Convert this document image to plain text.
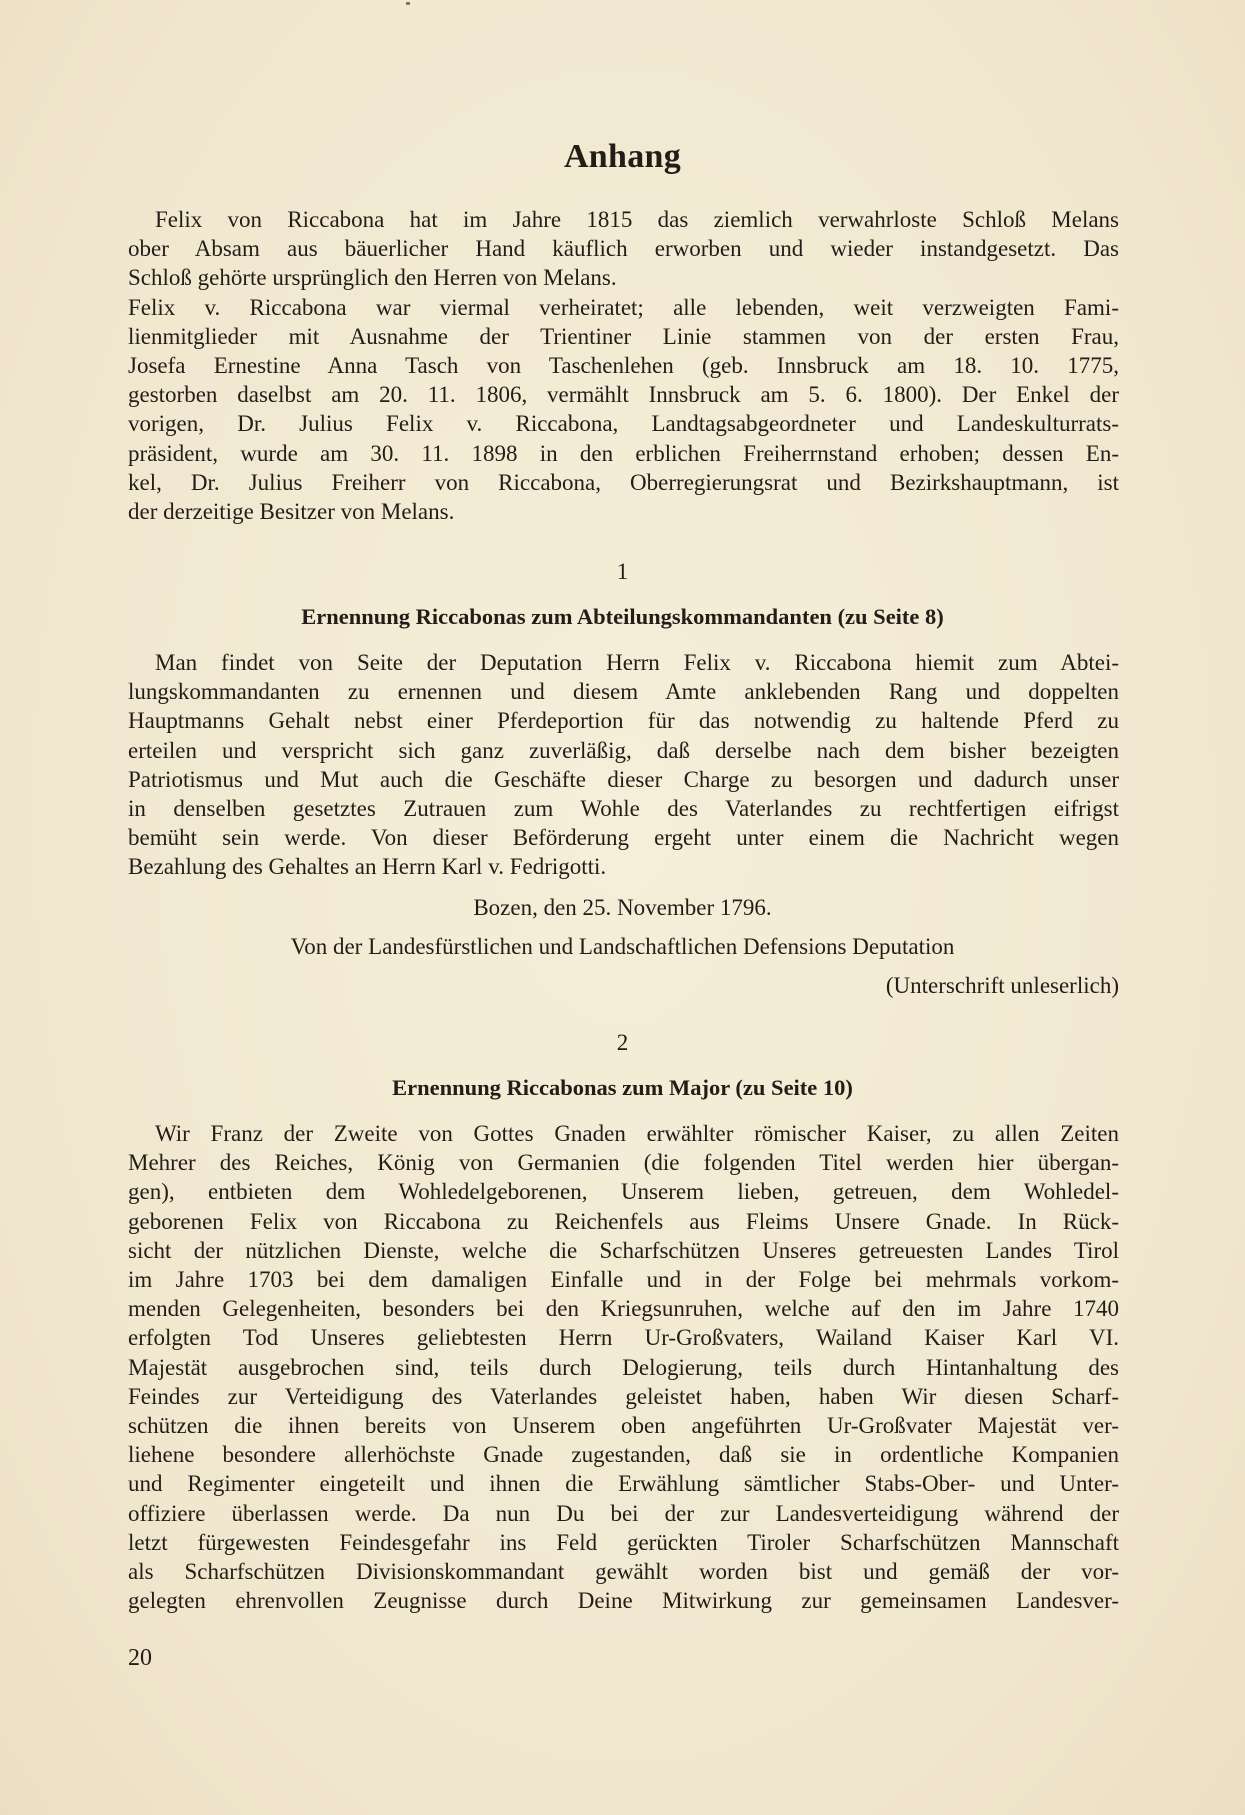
Anhang
Felix von Riccabona hat im Jahre 1815 das ziemlich verwahrloste Schloß Melans
ober Absam aus bäuerlicher Hand käuflich erworben und wieder instandgesetzt. Das
Schloß gehörte ursprünglich den Herren von Melans.
Felix v. Riccabona war viermal verheiratet; alle lebenden, weit verzweigten Fami-
lienmitglieder mit Ausnahme der Trientiner Linie stammen von der ersten Frau,
Josefa Ernestine Anna Tasch von Taschenlehen (geb. Innsbruck am 18. 10. 1775,
gestorben daselbst am 20. 11. 1806, vermählt Innsbruck am 5. 6. 1800). Der Enkel der
vorigen, Dr. Julius Felix v. Riccabona, Landtagsabgeordneter und Landeskulturrats-
präsident, wurde am 30. 11. 1898 in den erblichen Freiherrnstand erhoben; dessen En-
kel, Dr. Julius Freiherr von Riccabona, Oberregierungsrat und Bezirkshauptmann, ist
der derzeitige Besitzer von Melans.

1

Ernennung Riccabonas zum Abteilungskommandanten (zu Seite 8)

Man findet von Seite der Deputation Herrn Felix v. Riccabona hiemit zum Abtei-
lungskommandanten zu ernennen und diesem Amte anklebenden Rang und doppelten
Hauptmanns Gehalt nebst einer Pferdeportion für das notwendig zu haltende Pferd zu
erteilen und verspricht sich ganz zuverläßig, daß derselbe nach dem bisher bezeigten
Patriotismus und Mut auch die Geschäfte dieser Charge zu besorgen und dadurch unser
in denselben gesetztes Zutrauen zum Wohle des Vaterlandes zu rechtfertigen eifrigst
bemüht sein werde. Von dieser Beförderung ergeht unter einem die Nachricht wegen
Bezahlung des Gehaltes an Herrn Karl v. Fedrigotti.

Bozen, den 25. November 1796.

Von der Landesfürstlichen und Landschaftlichen Defensions Deputation

(Unterschrift unleserlich)

2

Ernennung Riccabonas zum Major (zu Seite 10)

Wir Franz der Zweite von Gottes Gnaden erwählter römischer Kaiser, zu allen Zeiten
Mehrer des Reiches, König von Germanien (die folgenden Titel werden hier übergan-
gen), entbieten dem Wohledelgeborenen, Unserem lieben, getreuen, dem Wohledel-
geborenen Felix von Riccabona zu Reichenfels aus Fleims Unsere Gnade. In Rück-
sicht der nützlichen Dienste, welche die Scharfschützen Unseres getreuesten Landes Tirol
im Jahre 1703 bei dem damaligen Einfalle und in der Folge bei mehrmals vorkom-
menden Gelegenheiten, besonders bei den Kriegsunruhen, welche auf den im Jahre 1740
erfolgten Tod Unseres geliebtesten Herrn Ur-Großvaters, Wailand Kaiser Karl VI.
Majestät ausgebrochen sind, teils durch Delogierung, teils durch Hintanhaltung des
Feindes zur Verteidigung des Vaterlandes geleistet haben, haben Wir diesen Scharf-
schützen die ihnen bereits von Unserem oben angeführten Ur-Großvater Majestät ver-
liehene besondere allerhöchste Gnade zugestanden, daß sie in ordentliche Kompanien
und Regimenter eingeteilt und ihnen die Erwählung sämtlicher Stabs-Ober- und Unter-
offiziere überlassen werde. Da nun Du bei der zur Landesverteidigung während der
letzt fürgewesten Feindesgefahr ins Feld gerückten Tiroler Scharfschützen Mannschaft
als Scharfschützen Divisionskommandant gewählt worden bist und gemäß der vor-
gelegten ehrenvollen Zeugnisse durch Deine Mitwirkung zur gemeinsamen Landesver-
20
